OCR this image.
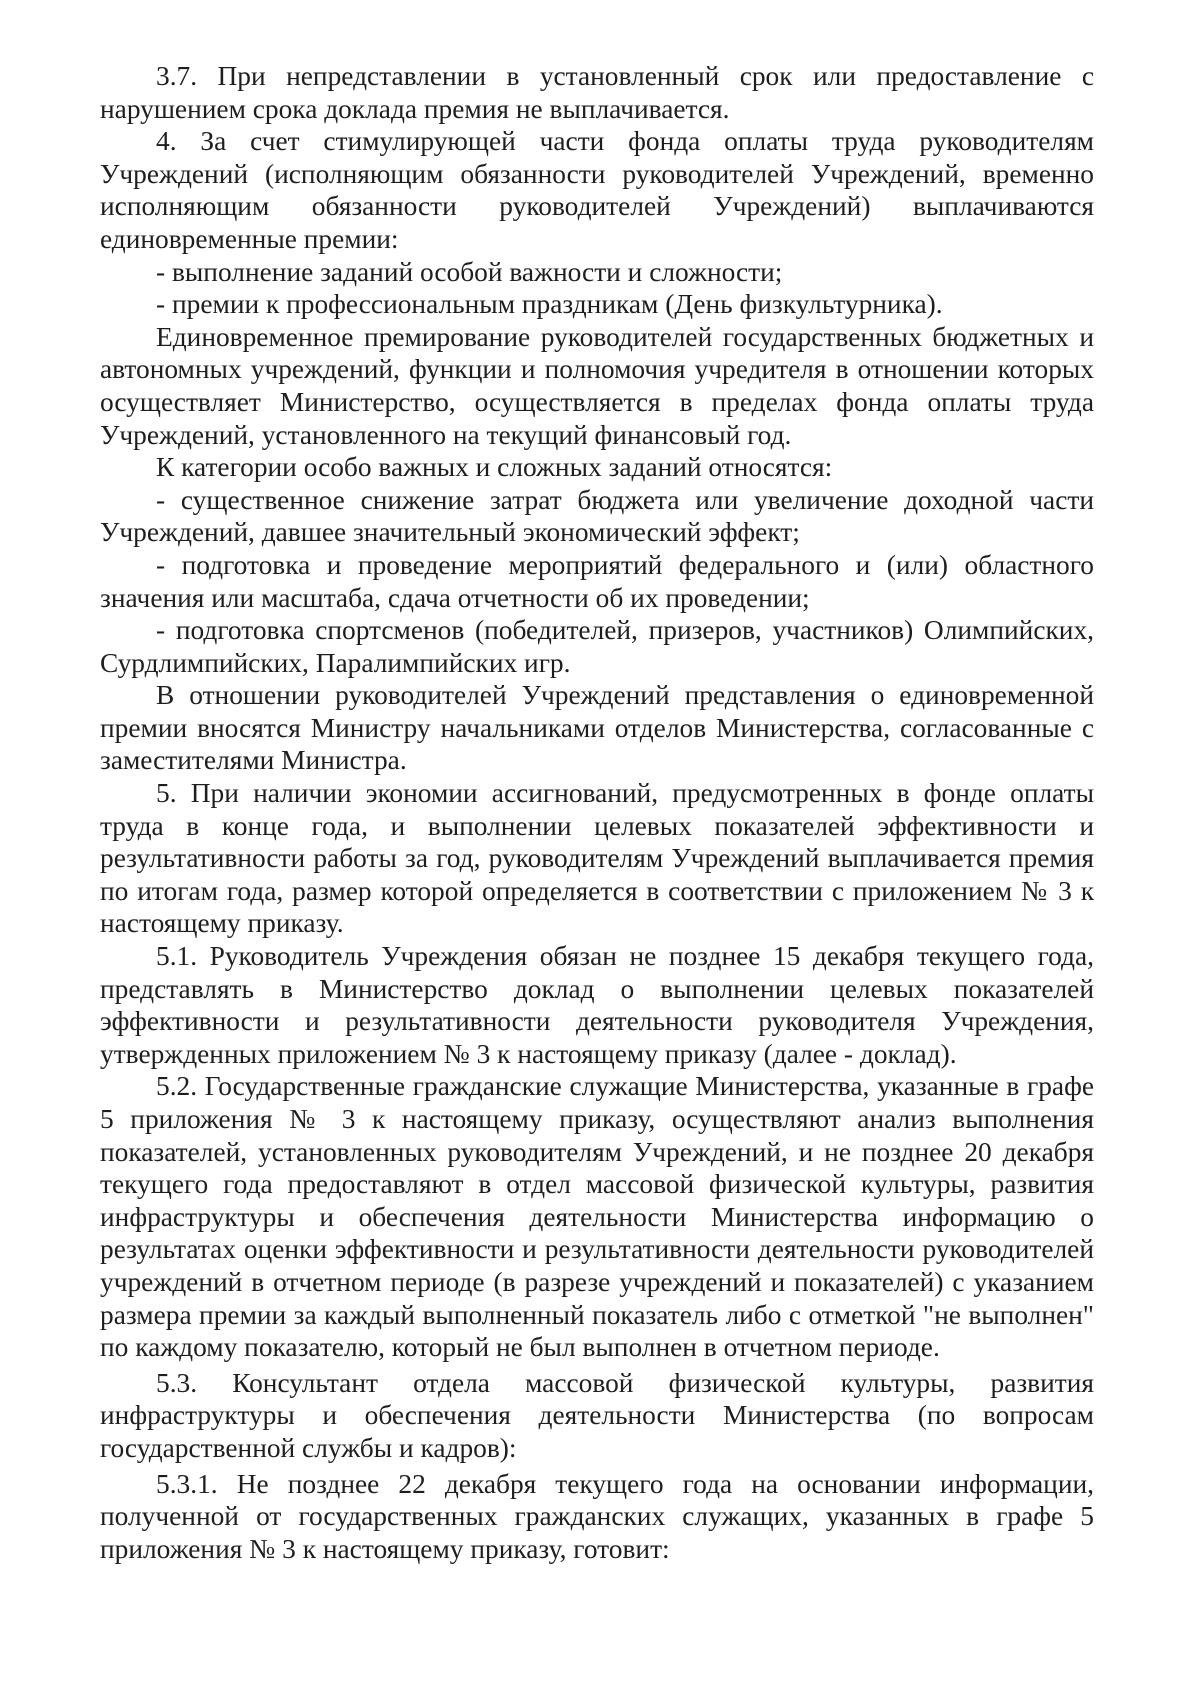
3.7. При непредставлении в установленный срок или предоставление с нарушением срока доклада премия не выплачивается.

4. За счет стимулирующей части фонда оплаты труда руководителям Учреждений (исполняющим обязанности руководителей Учреждений, временно исполняющим обязанности руководителей Учреждений) выплачиваются единовременные премии:

- выполнение заданий особой важности и сложности;

- премии к профессиональным праздникам (День физкультурника).

Единовременное премирование руководителей государственных бюджетных и автономных учреждений, функции и полномочия учредителя в отношении которых осуществляет Министерство, осуществляется в пределах фонда оплаты труда Учреждений, установленного на текущий финансовый год.

К категории особо важных и сложных заданий относятся:

- существенное снижение затрат бюджета или увеличение доходной части Учреждений, давшее значительный экономический эффект;

- подготовка и проведение мероприятий федерального и (или) областного значения или масштаба, сдача отчетности об их проведении;

- подготовка спортсменов (победителей, призеров, участников) Олимпийских, Сурдлимпийских, Паралимпийских игр.

В отношении руководителей Учреждений представления о единовременной премии вносятся Министру начальниками отделов Министерства, согласованные с заместителями Министра.

5. При наличии экономии ассигнований, предусмотренных в фонде оплаты труда в конце года, и выполнении целевых показателей эффективности и результативности работы за год, руководителям Учреждений выплачивается премия по итогам года, размер которой определяется в соответствии с приложением № 3 к настоящему приказу.

5.1. Руководитель Учреждения обязан не позднее 15 декабря текущего года, представлять в Министерство доклад о выполнении целевых показателей эффективности и результативности деятельности руководителя Учреждения, утвержденных приложением № 3 к настоящему приказу (далее - доклад).

5.2. Государственные гражданские служащие Министерства, указанные в графе 5 приложения № 3 к настоящему приказу, осуществляют анализ выполнения показателей, установленных руководителям Учреждений, и не позднее 20 декабря текущего года предоставляют в отдел массовой физической культуры, развития инфраструктуры и обеспечения деятельности Министерства информацию о результатах оценки эффективности и результативности деятельности руководителей учреждений в отчетном периоде (в разрезе учреждений и показателей) с указанием размера премии за каждый выполненный показатель либо с отметкой "не выполнен" по каждому показателю, который не был выполнен в отчетном периоде.

5.3. Консультант отдела массовой физической культуры, развития инфраструктуры и обеспечения деятельности Министерства (по вопросам государственной службы и кадров):

5.3.1. Не позднее 22 декабря текущего года на основании информации, полученной от государственных гражданских служащих, указанных в графе 5 приложения № 3 к настоящему приказу, готовит:
